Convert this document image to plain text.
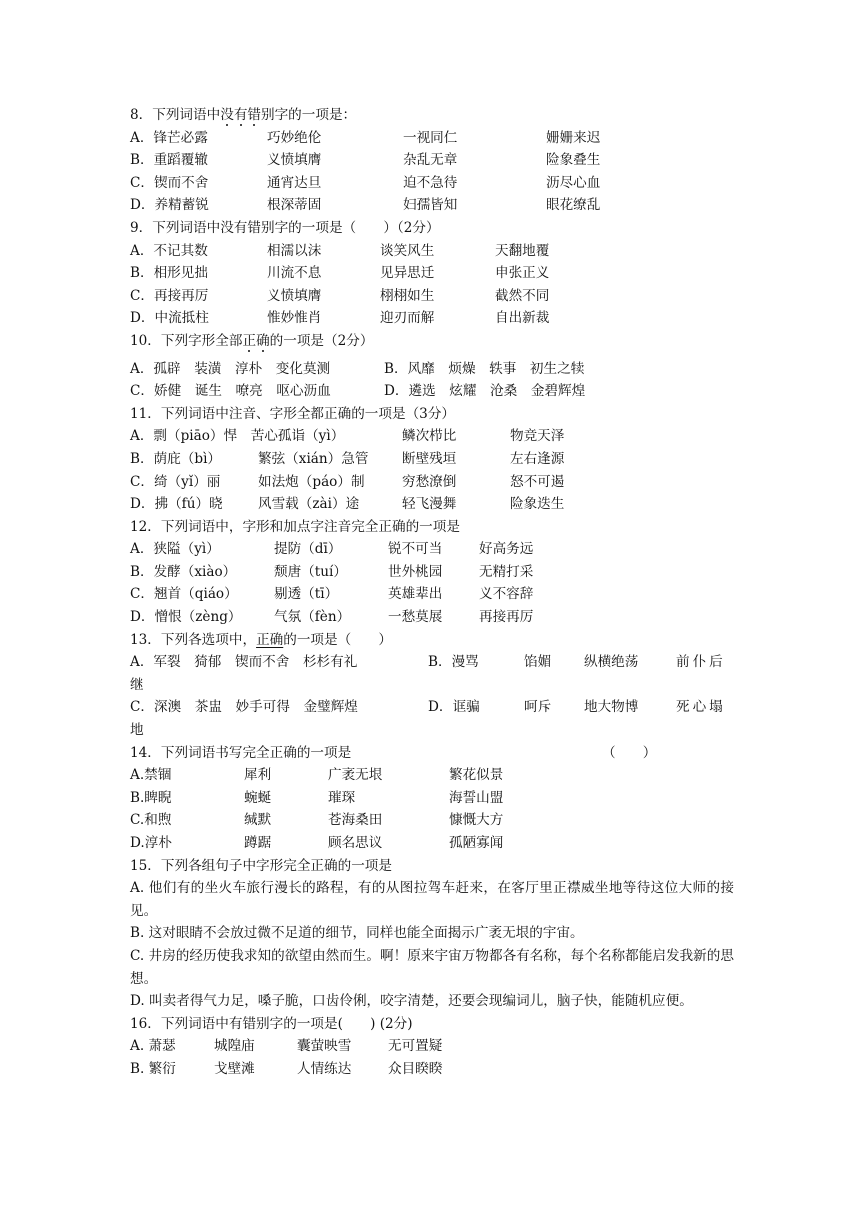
8．下列词语中没有错别字的一项是：
A．锋芒必露	巧妙绝伦	一视同仁	姗姗来迟
B．重蹈覆辙	义愤填膺	杂乱无章	险象叠生
C．锲而不舍	通宵达旦	迫不急待	沥尽心血
D．养精蓄锐	根深蒂固	妇孺皆知	眼花缭乱
9．下列词语中没有错别字的一项是（　　）（2分）
A．不记其数	相濡以沫	谈笑风生	天翻地覆
B．相形见拙	川流不息	见异思迁	申张正义
C．再接再厉	义愤填膺	栩栩如生	截然不同
D．中流抵柱	惟妙惟肖	迎刃而解	自出新裁
10．下列字形全部正确的一项是（2分）
A．孤辟　装潢　淳朴　变化莫测	B．风靡　烦燥　轶事　初生之犊
C．娇健　诞生　嘹亮　呕心沥血	D．遴选　炫耀　沧桑　金碧辉煌
11．下列词语中注音、字形全都正确的一项是（3分）
A．剽（piāo）悍　苦心孤诣（yì）	鳞次栉比	物竞天泽
B．荫庇（bì）	繁弦（xián）急管 断壁残垣	左右逢源
C．绮（yǐ）丽	如法炮（páo）制	穷愁潦倒	怒不可遏
D．拂（fú）晓	风雪载（zài）途	轻飞漫舞	险象迭生
12．下列词语中，字形和加点字注音完全正确的一项是
A．狭隘（yì）	提防（dī）	锐不可当	好高务远
B．发酵（xiào）	颓唐（tuí）	世外桃园	无精打采
C．翘首（qiáo）	剔透（tī）	英雄辈出	义不容辞
D．憎恨（zèng） 气氛（fèn）	一愁莫展	再接再厉
13．下列各选项中，正确的一项是（　　）
A．军裂　猗郁　锲而不舍　杉杉有礼	B．漫骂	馅媚 纵横绝荡	前仆后
继
C．深澳　茶盅　妙手可得　金璧辉煌	D．诓骗	呵斥 地大物博	死心塌
地
14．下列词语书写完全正确的一项是	（　　）
A.禁锢	犀利	广袤无垠	繁花似景
B.睥睨	蜿蜒	璀琛	海誓山盟
C.和煦	缄默	苍海桑田	慷慨大方
D.淳朴	蹲踞	顾名思议	孤陋寡闻
15．下列各组句子中字形完全正确的一项是
A. 他们有的坐火车旅行漫长的路程，有的从图拉驾车赶来，在客厅里正襟威坐地等待这位大师的接见。
B. 这对眼睛不会放过微不足道的细节，同样也能全面揭示广袤无垠的宇宙。
C. 井房的经历使我求知的欲望由然而生。啊！原来宇宙万物都各有名称，每个名称都能启发我新的思想。
D. 叫卖者得气力足，嗓子脆，口齿伶俐，咬字清楚，还要会现编词儿，脑子快，能随机应便。
16．下列词语中有错别字的一项是(　　) (2分)
A. 萧瑟	城隍庙	囊萤映雪	无可置疑
B. 繁衍	戈壁滩	人情练达	众目睽睽
